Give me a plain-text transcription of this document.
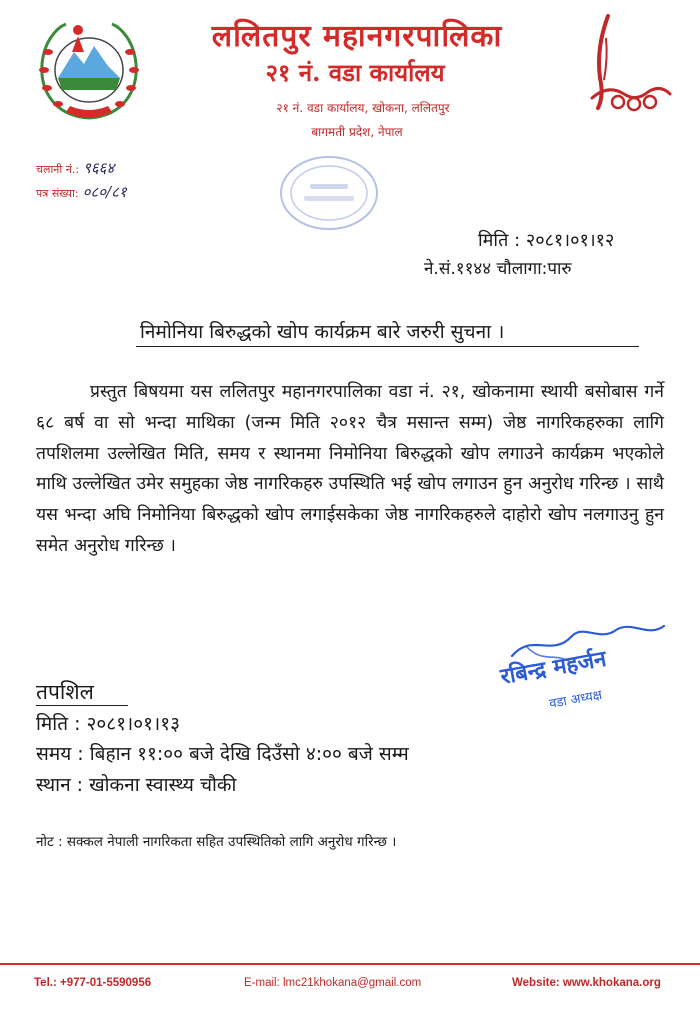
ललितपुर महानगरपालिका
२१ नं. वडा कार्यालय
२१ नं. वडा कार्यालय, खोकना, ललितपुर
बागमती प्रदेश, नेपाल
चलानी नं.: ९६६४
पत्र संख्या: ०८०/८१
मिति : २०८१।०१।१२
ने.सं.११४४ चौलागा:पारु
निमोनिया बिरुद्धको खोप कार्यक्रम बारे जरुरी सुचना ।
प्रस्तुत बिषयमा यस ललितपुर महानगरपालिका वडा नं. २१, खोकनामा स्थायी बसोबास गर्ने ६८ बर्ष वा सो भन्दा माथिका (जन्म मिति २०१२ चैत्र मसान्त सम्म) जेष्ठ नागरिकहरुका लागि तपशिलमा उल्लेखित मिति, समय र स्थानमा निमोनिया बिरुद्धको खोप लगाउने कार्यक्रम भएकोले माथि उल्लेखित उमेर समुहका जेष्ठ नागरिकहरु उपस्थिति भई खोप लगाउन हुन अनुरोध गरिन्छ । साथै यस भन्दा अघि निमोनिया बिरुद्धको खोप लगाईसकेका जेष्ठ नागरिकहरुले दाहोरो खोप नलगाउनु हुन समेत अनुरोध गरिन्छ ।
रबिन्द्र महर्जन
वडा अध्यक्ष
तपशिल
मिति : २०८१।०१।१३
समय : बिहान ११:०० बजे देखि दिउँसो ४:०० बजे सम्म
स्थान : खोकना स्वास्थ्य चौकी
नोट : सक्कल नेपाली नागरिकता सहित उपस्थितिको लागि अनुरोध गरिन्छ ।
Tel.: +977-01-5590956	E-mail: lmc21khokana@gmail.com	Website: www.khokana.org
